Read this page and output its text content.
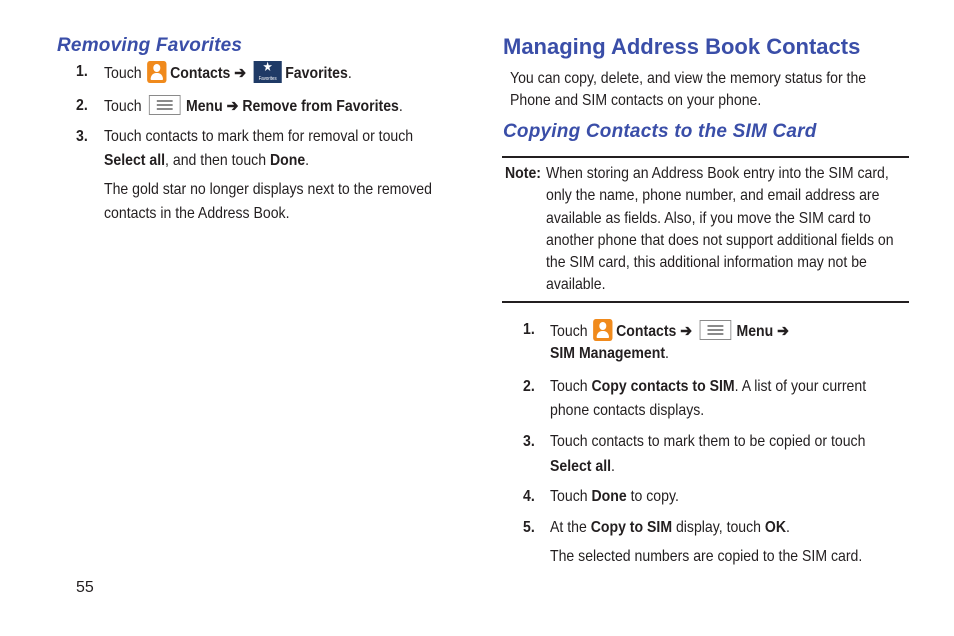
Removing Favorites
1. Touch Contacts ➔	★
Favorites Favorites.
2. Touch	Menu ➔ Remove from Favorites.
3. Touch contacts to mark them for removal or touch
Select all, and then touch Done.
The gold star no longer displays next to the removed
contacts in the Address Book.
Managing Address Book Contacts
You can copy, delete, and view the memory status for the
Phone and SIM contacts on your phone.
Copying Contacts to the SIM Card
Note: When storing an Address Book entry into the SIM card,
only the name, phone number, and email address are
available as fields. Also, if you move the SIM card to
another phone that does not support additional fields on
the SIM card, this additional information may not be
available.
1. Touch Contacts ➔	Menu ➔
SIM Management.
2. Touch Copy contacts to SIM. A list of your current
phone contacts displays.
3. Touch contacts to mark them to be copied or touch
Select all.
4. Touch Done to copy.
5. At the Copy to SIM display, touch OK.
The selected numbers are copied to the SIM card.
55
